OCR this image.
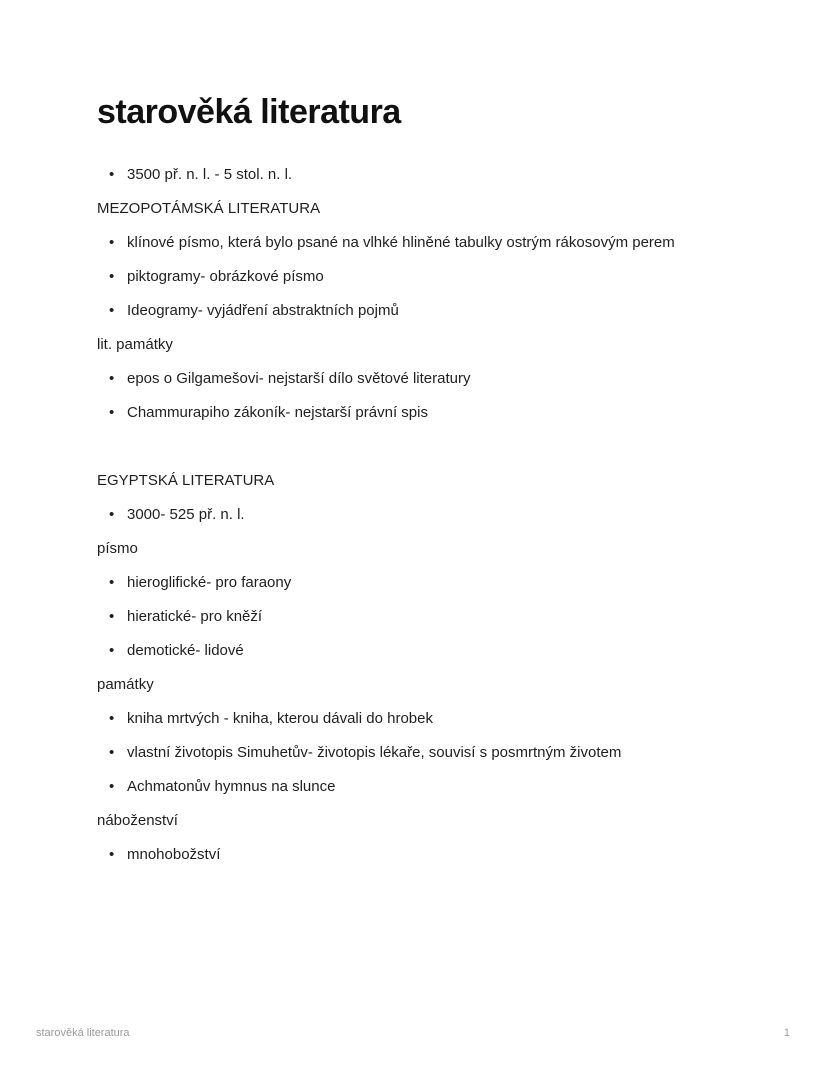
starověká literatura
• 3500 př. n. l. - 5 stol. n. l.

MEZOPOTÁMSKÁ LITERATURA

• klínové písmo, která bylo psané na vlhké hliněné tabulky ostrým rákosovým perem
• piktogramy- obrázkové písmo
• Ideogramy- vyjádření abstraktních pojmů

lit. památky

• epos o Gilgamešovi- nejstarší dílo světové literatury
• Chammurapiho zákoník- nejstarší právní spis

EGYPTSKÁ LITERATURA

• 3000- 525 př. n. l.

písmo

• hieroglifické- pro faraony
• hieratické- pro kněží
• demotické- lidové

památky

• kniha mrtvých - kniha, kterou dávali do hrobek
• vlastní životopis Simuhetův- životopis lékaře, souvisí s posmrtným životem
• Achmatonův hymnus na slunce

náboženství

• mnohobožství
starověká literatura	1
